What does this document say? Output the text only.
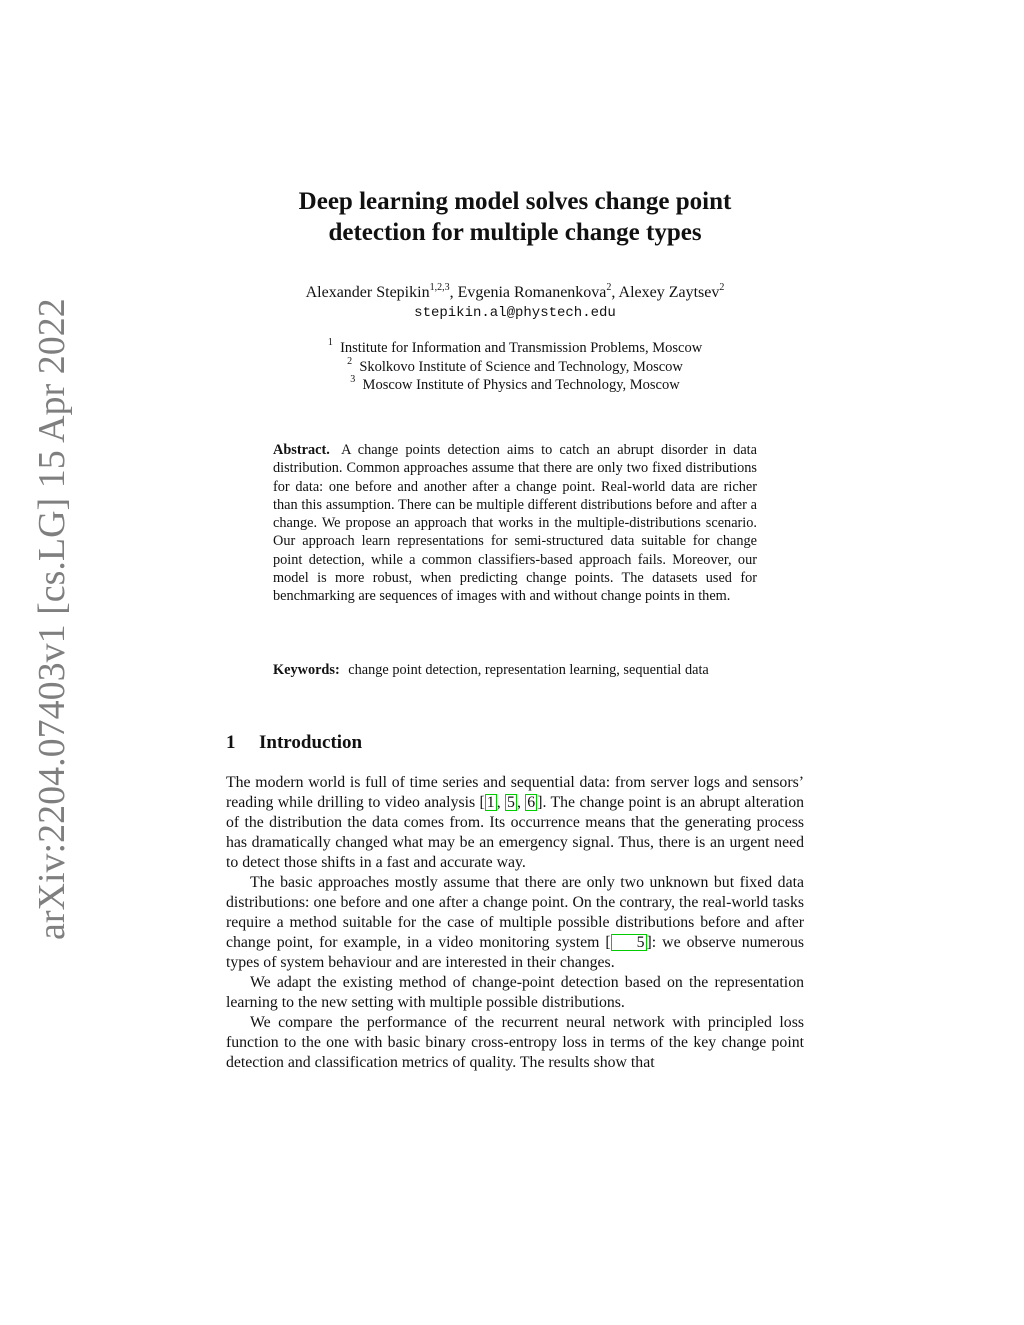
arXiv:2204.07403v1 [cs.LG] 15 Apr 2022
Deep learning model solves change point
detection for multiple change types
Alexander Stepikin$^{1,2,3}$, Evgenia Romanenkova$^2$, Alexey Zaytsev$^2$
stepikin.al@phystech.edu
$^1$ Institute for Information and Transmission Problems, Moscow
$^2$ Skolkovo Institute of Science and Technology, Moscow
$^3$ Moscow Institute of Physics and Technology, Moscow

Abstract. A change points detection aims to catch an abrupt disorder in data distribution. Common approaches assume that there are only two fixed distributions for data: one before and another after a change point. Real-world data are richer than this assumption. There can be multiple different distributions before and after a change. We propose an approach that works in the multiple-distributions scenario. Our approach learn representations for semi-structured data suitable for change point detection, while a common classifiers-based approach fails. Moreover, our model is more robust, when predicting change points. The datasets used for benchmarking are sequences of images with and without change points in them.

Keywords: change point detection, representation learning, sequential data

1 Introduction

The modern world is full of time series and sequential data: from server logs and sensors’ reading while drilling to video analysis [ 1 , 5 , 6 ]. The change point is an abrupt alteration of the distribution the data comes from. Its occurrence means that the generating process has dramatically changed what may be an emergency signal. Thus, there is an urgent need to detect those shifts in a fast and accurate way.

The basic approaches mostly assume that there are only two unknown but fixed data distributions: one before and one after a change point. On the contrary, the real-world tasks require a method suitable for the case of multiple possible distributions before and after change point, for example, in a video monitoring system [ 5 ]: we observe numerous types of system behaviour and are interested in their changes.

We adapt the existing method of change-point detection based on the representation learning to the new setting with multiple possible distributions.

We compare the performance of the recurrent neural network with principled loss function to the one with basic binary cross-entropy loss in terms of the key change point detection and classification metrics of quality. The results show that
